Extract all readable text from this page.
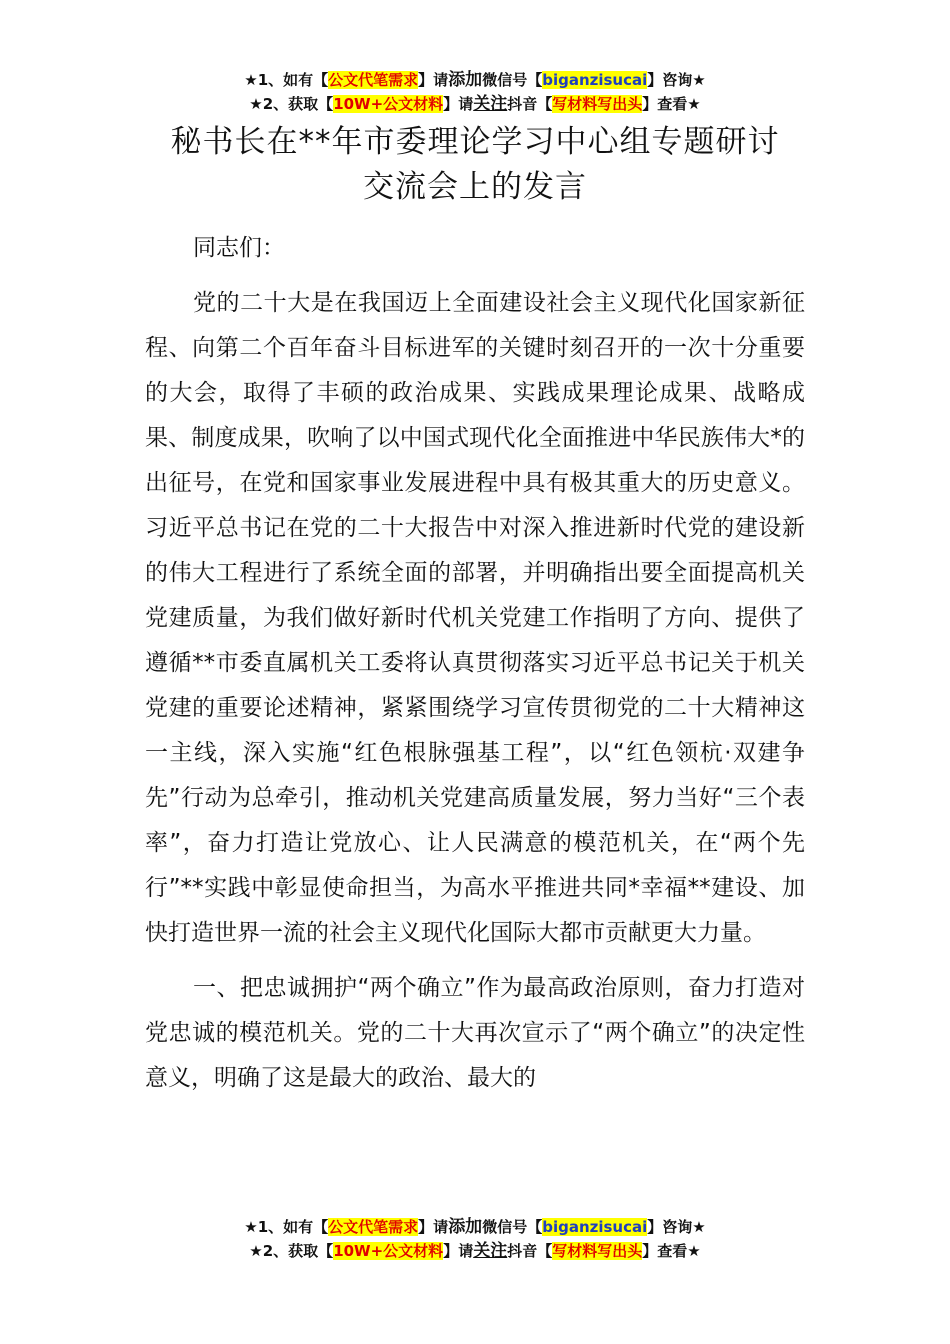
★1、如有【公文代笔需求】请添加微信号【biganzisucai】咨询★
★2、获取【10W+公文材料】请关注抖音【写材料写出头】查看★
秘书长在**年市委理论学习中心组专题研讨
交流会上的发言

同志们：

党的二十大是在我国迈上全面建设社会主义现代化国家新征程、向第二个百年奋斗目标进军的关键时刻召开的一次十分重要的大会，取得了丰硕的政治成果、实践成果理论成果、战略成果、制度成果，吹响了以中国式现代化全面推进中华民族伟大*的出征号，在党和国家事业发展进程中具有极其重大的历史意义。习近平总书记在党的二十大报告中对深入推进新时代党的建设新的伟大工程进行了系统全面的部署，并明确指出要全面提高机关党建质量，为我们做好新时代机关党建工作指明了方向、提供了遵循**市委直属机关工委将认真贯彻落实习近平总书记关于机关党建的重要论述精神，紧紧围绕学习宣传贯彻党的二十大精神这一主线，深入实施“红色根脉强基工程”，以“红色领杭·双建争先”行动为总牵引，推动机关党建高质量发展，努力当好“三个表率”，奋力打造让党放心、让人民满意的模范机关，在“两个先行”**实践中彰显使命担当，为高水平推进共同*幸福**建设、加快打造世界一流的社会主义现代化国际大都市贡献更大力量。

一、把忠诚拥护“两个确立”作为最高政治原则，奋力打造对党忠诚的模范机关。党的二十大再次宣示了“两个确立”的决定性意义，明确了这是最大的政治、最大的

★1、如有【公文代笔需求】请添加微信号【biganzisucai】咨询★
★2、获取【10W+公文材料】请关注抖音【写材料写出头】查看★
